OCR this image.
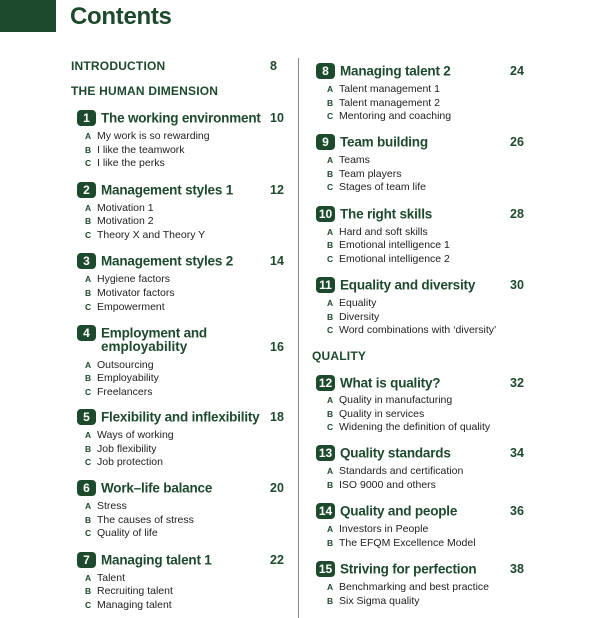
Contents
INTRODUCTION	8
THE HUMAN DIMENSION
1 The working environment 10
A My work is so rewarding
B I like the teamwork
C I like the perks
2 Management styles 1	12
A Motivation 1
B Motivation 2
C Theory X and Theory Y
3 Management styles 2	14
A Hygiene factors
B Motivator factors
C Empowerment
4 Employment and
employability	16
A Outsourcing
B Employability
C Freelancers
5 Flexibility and inflexibility 18
A Ways of working
B Job flexibility
C Job protection
6 Work–life balance	20
A Stress
B The causes of stress
C Quality of life
7 Managing talent 1	22
A Talent
B Recruiting talent
C Managing talent
8 Managing talent 2	24
A Talent management 1
B Talent management 2
C Mentoring and coaching
9 Team building	26
A Teams
B Team players
C Stages of team life
10 The right skills	28
A Hard and soft skills
B Emotional intelligence 1
C Emotional intelligence 2
11 Equality and diversity	30
A Equality
B Diversity
C Word combinations with ‘diversity’
QUALITY
12 What is quality?	32
A Quality in manufacturing
B Quality in services
C Widening the definition of quality
13 Quality standards	34
A Standards and certification
B ISO 9000 and others
14 Quality and people	36
A Investors in People
B The EFQM Excellence Model
15 Striving for perfection	38
A Benchmarking and best practice
B Six Sigma quality
